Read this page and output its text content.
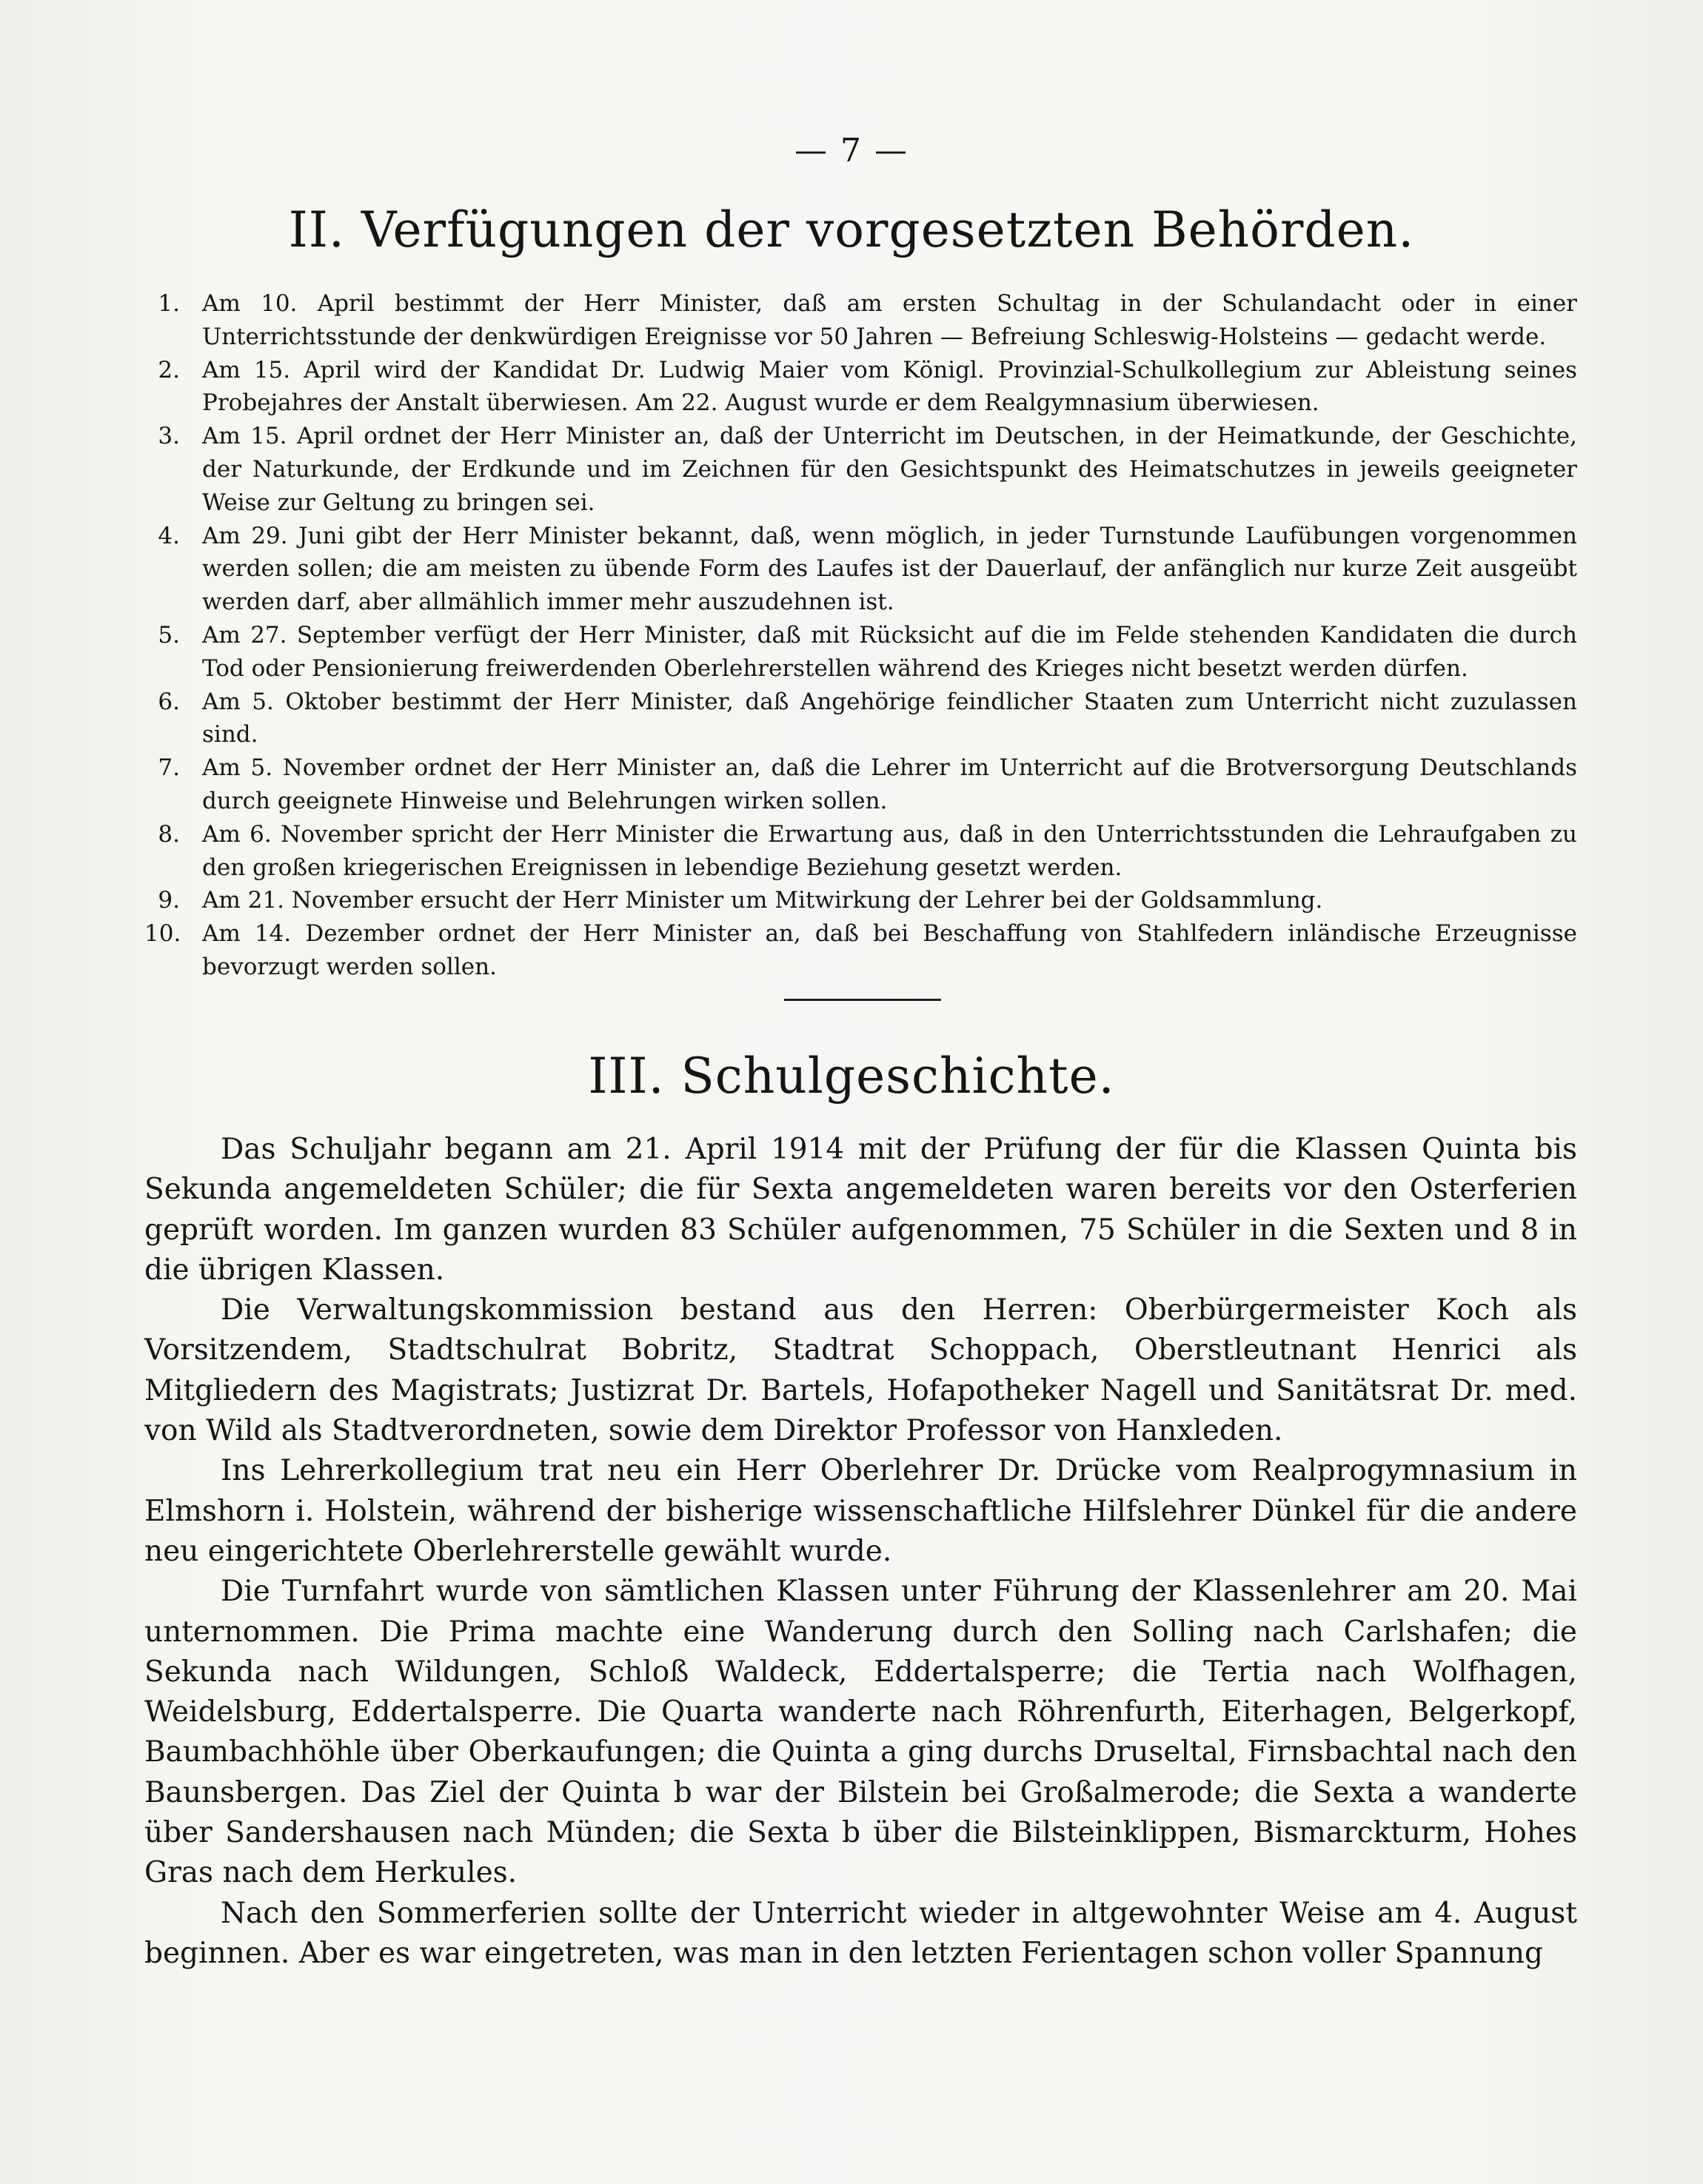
— 7 —
II. Verfügungen der vorgesetzten Behörden.
1. Am 10. April bestimmt der Herr Minister, daß am ersten Schultag in der Schulandacht oder in einer Unterrichtsstunde der denkwürdigen Ereignisse vor 50 Jahren — Befreiung Schleswig-Holsteins — gedacht werde.
2. Am 15. April wird der Kandidat Dr. Ludwig Maier vom Königl. Provinzial-Schulkollegium zur Ableistung seines Probejahres der Anstalt überwiesen. Am 22. August wurde er dem Realgymnasium überwiesen.
3. Am 15. April ordnet der Herr Minister an, daß der Unterricht im Deutschen, in der Heimatkunde, der Geschichte, der Naturkunde, der Erdkunde und im Zeichnen für den Gesichtspunkt des Heimatschutzes in jeweils geeigneter Weise zur Geltung zu bringen sei.
4. Am 29. Juni gibt der Herr Minister bekannt, daß, wenn möglich, in jeder Turnstunde Laufübungen vorgenommen werden sollen; die am meisten zu übende Form des Laufes ist der Dauerlauf, der anfänglich nur kurze Zeit ausgeübt werden darf, aber allmählich immer mehr auszudehnen ist.
5. Am 27. September verfügt der Herr Minister, daß mit Rücksicht auf die im Felde stehenden Kandidaten die durch Tod oder Pensionierung freiwerdenden Oberlehrerstellen während des Krieges nicht besetzt werden dürfen.
6. Am 5. Oktober bestimmt der Herr Minister, daß Angehörige feindlicher Staaten zum Unterricht nicht zuzulassen sind.
7. Am 5. November ordnet der Herr Minister an, daß die Lehrer im Unterricht auf die Brotversorgung Deutschlands durch geeignete Hinweise und Belehrungen wirken sollen.
8. Am 6. November spricht der Herr Minister die Erwartung aus, daß in den Unterrichtsstunden die Lehraufgaben zu den großen kriegerischen Ereignissen in lebendige Beziehung gesetzt werden.
9. Am 21. November ersucht der Herr Minister um Mitwirkung der Lehrer bei der Goldsammlung.
10. Am 14. Dezember ordnet der Herr Minister an, daß bei Beschaffung von Stahlfedern inländische Erzeugnisse bevorzugt werden sollen.
III. Schulgeschichte.

Das Schuljahr begann am 21. April 1914 mit der Prüfung der für die Klassen Quinta bis Sekunda angemeldeten Schüler; die für Sexta angemeldeten waren bereits vor den Osterferien geprüft worden. Im ganzen wurden 83 Schüler aufgenommen, 75 Schüler in die Sexten und 8 in die übrigen Klassen.

Die Verwaltungskommission bestand aus den Herren: Oberbürgermeister Koch als Vorsitzendem, Stadtschulrat Bobritz, Stadtrat Schoppach, Oberstleutnant Henrici als Mitgliedern des Magistrats; Justizrat Dr. Bartels, Hofapotheker Nagell und Sanitätsrat Dr. med. von Wild als Stadtverordneten, sowie dem Direktor Professor von Hanxleden.

Ins Lehrerkollegium trat neu ein Herr Oberlehrer Dr. Drücke vom Realprogymnasium in Elmshorn i. Holstein, während der bisherige wissenschaftliche Hilfslehrer Dünkel für die andere neu eingerichtete Oberlehrerstelle gewählt wurde.

Die Turnfahrt wurde von sämtlichen Klassen unter Führung der Klassenlehrer am 20. Mai unternommen. Die Prima machte eine Wanderung durch den Solling nach Carlshafen; die Sekunda nach Wildungen, Schloß Waldeck, Eddertalsperre; die Tertia nach Wolfhagen, Weidelsburg, Eddertalsperre. Die Quarta wanderte nach Röhrenfurth, Eiterhagen, Belgerkopf, Baumbachhöhle über Oberkaufungen; die Quinta a ging durchs Druseltal, Firnsbachtal nach den Baunsbergen. Das Ziel der Quinta b war der Bilstein bei Großalmerode; die Sexta a wanderte über Sandershausen nach Münden; die Sexta b über die Bilsteinklippen, Bismarckturm, Hohes Gras nach dem Herkules.

Nach den Sommerferien sollte der Unterricht wieder in altgewohnter Weise am 4. August beginnen. Aber es war eingetreten, was man in den letzten Ferientagen schon voller Spannung
